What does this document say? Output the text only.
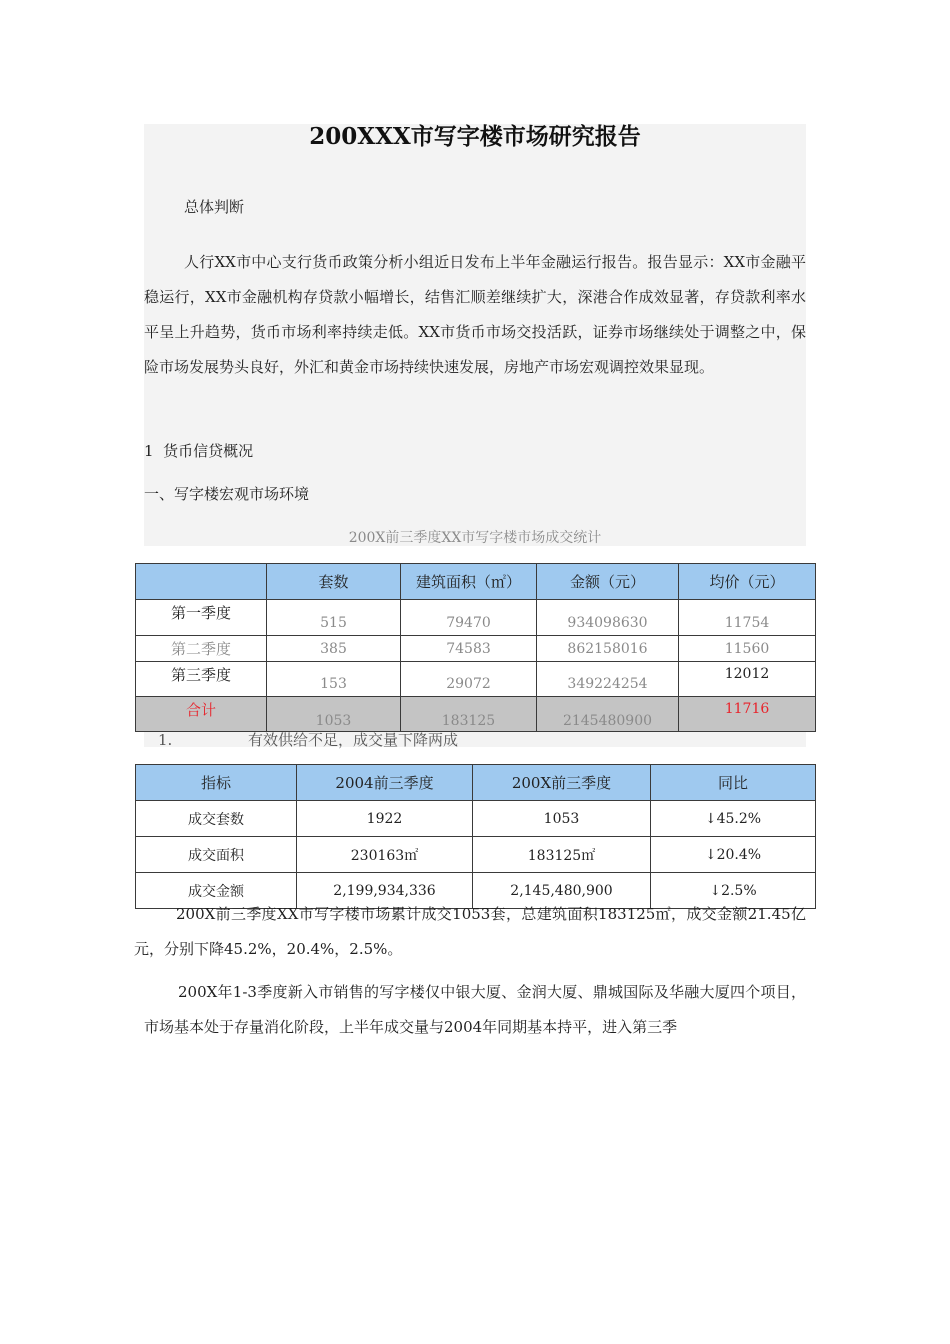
200XXX市写字楼市场研究报告
总体判断
人行XX市中心支行货币政策分析小组近日发布上半年金融运行报告。报告显示：XX市金融平稳运行，XX市金融机构存贷款小幅增长，结售汇顺差继续扩大，深港合作成效显著，存贷款利率水平呈上升趋势，货币市场利率持续走低。XX市货币市场交投活跃，证券市场继续处于调整之中，保险市场发展势头良好，外汇和黄金市场持续快速发展，房地产市场宏观调控效果显现。
1  货币信贷概况
一、写字楼宏观市场环境
200X前三季度XX市写字楼市场成交统计
	套数	建筑面积（㎡）	金额（元）	均价（元）
第一季度	515	79470	934098630	11754
第二季度	385	74583	862158016	11560
第三季度	153	29072	349224254	12012
合计	1053	183125	2145480900	11716
1.	有效供给不足，成交量下降两成
指标	2004前三季度	200X前三季度	同比
成交套数	1922	1053	↓45.2%
成交面积	230163㎡	183125㎡	↓20.4%
成交金额	2,199,934,336	2,145,480,900	↓2.5%
200X前三季度XX市写字楼市场累计成交1053套，总建筑面积183125㎡，成交金额21.45亿元，分别下降45.2%，20.4%，2.5%。
200X年1-3季度新入市销售的写字楼仅中银大厦、金润大厦、鼎城国际及华融大厦四个项目，市场基本处于存量消化阶段，上半年成交量与2004年同期基本持平，进入第三季
